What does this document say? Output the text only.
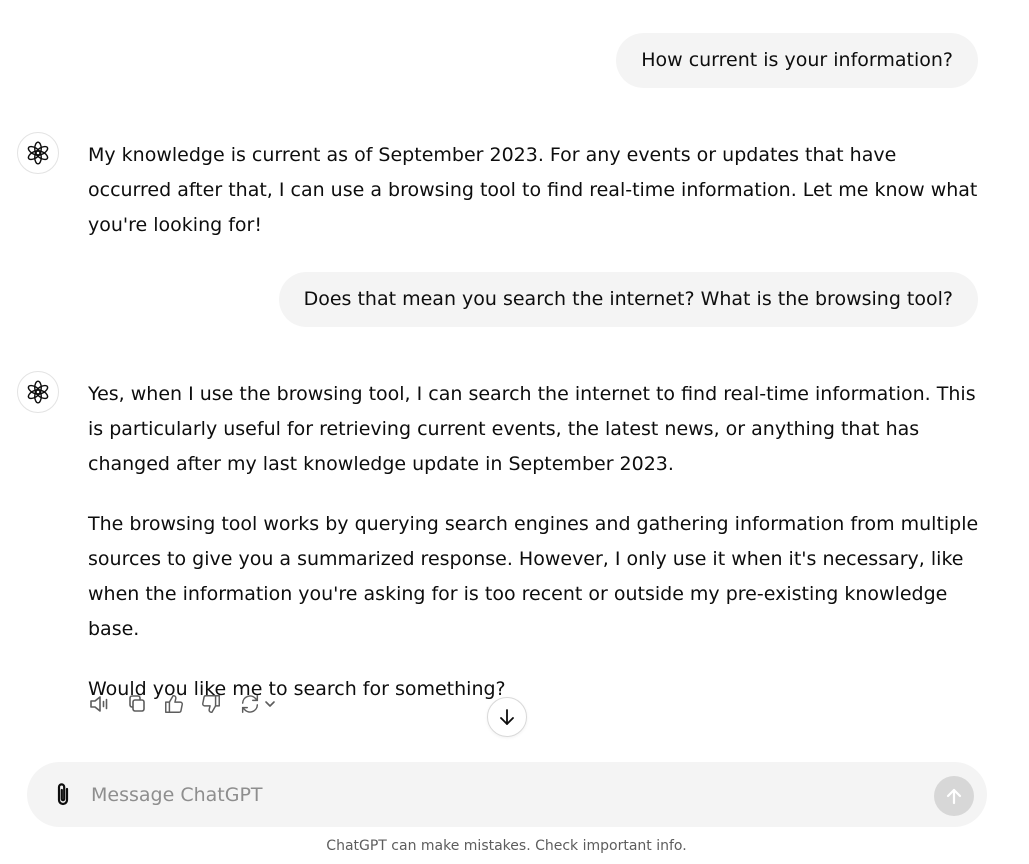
How current is your information?

My knowledge is current as of September 2023. For any events or updates that have occurred after that, I can use a browsing tool to find real-time information. Let me know what you're looking for!

Does that mean you search the internet? What is the browsing tool?

Yes, when I use the browsing tool, I can search the internet to find real-time information. This is particularly useful for retrieving current events, the latest news, or anything that has changed after my last knowledge update in September 2023.

The browsing tool works by querying search engines and gathering information from multiple sources to give you a summarized response. However, I only use it when it's necessary, like when the information you're asking for is too recent or outside my pre-existing knowledge base.

Would you like me to search for something?

Message ChatGPT
ChatGPT can make mistakes. Check important info.
